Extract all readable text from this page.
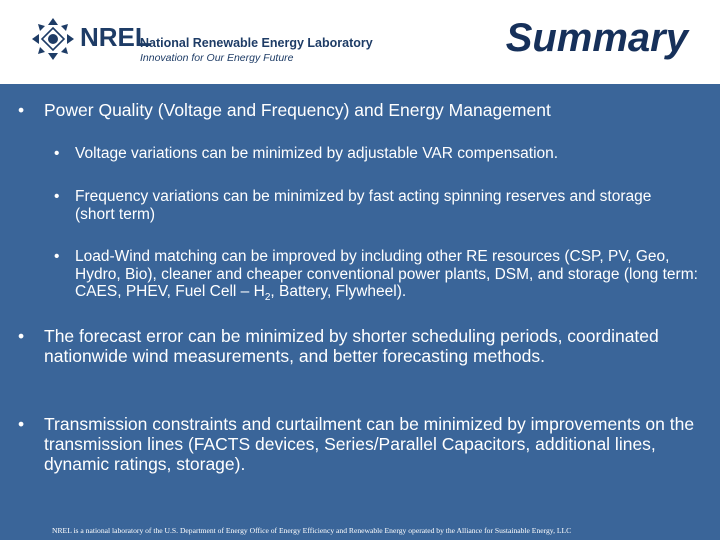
NREL
National Renewable Energy Laboratory
Innovation for Our Energy Future	Summary
• Power Quality (Voltage and Frequency) and Energy Management
• Voltage variations can be minimized by adjustable VAR compensation.
• Frequency variations can be minimized by fast acting spinning reserves and storage (short term)
• Load-Wind matching can be improved by including other RE resources (CSP, PV, Geo, Hydro, Bio), cleaner and cheaper conventional power plants, DSM, and storage (long term: CAES, PHEV, Fuel Cell – $H_2$, Battery, Flywheel).
• The forecast error can be minimized by shorter scheduling periods, coordinated nationwide wind measurements, and better forecasting methods.
• Transmission constraints and curtailment can be minimized by improvements on the transmission lines (FACTS devices, Series/Parallel Capacitors, additional lines, dynamic ratings, storage).
NREL is a national laboratory of the U.S. Department of Energy Office of Energy Efficiency and Renewable Energy operated by the Alliance for Sustainable Energy, LLC
